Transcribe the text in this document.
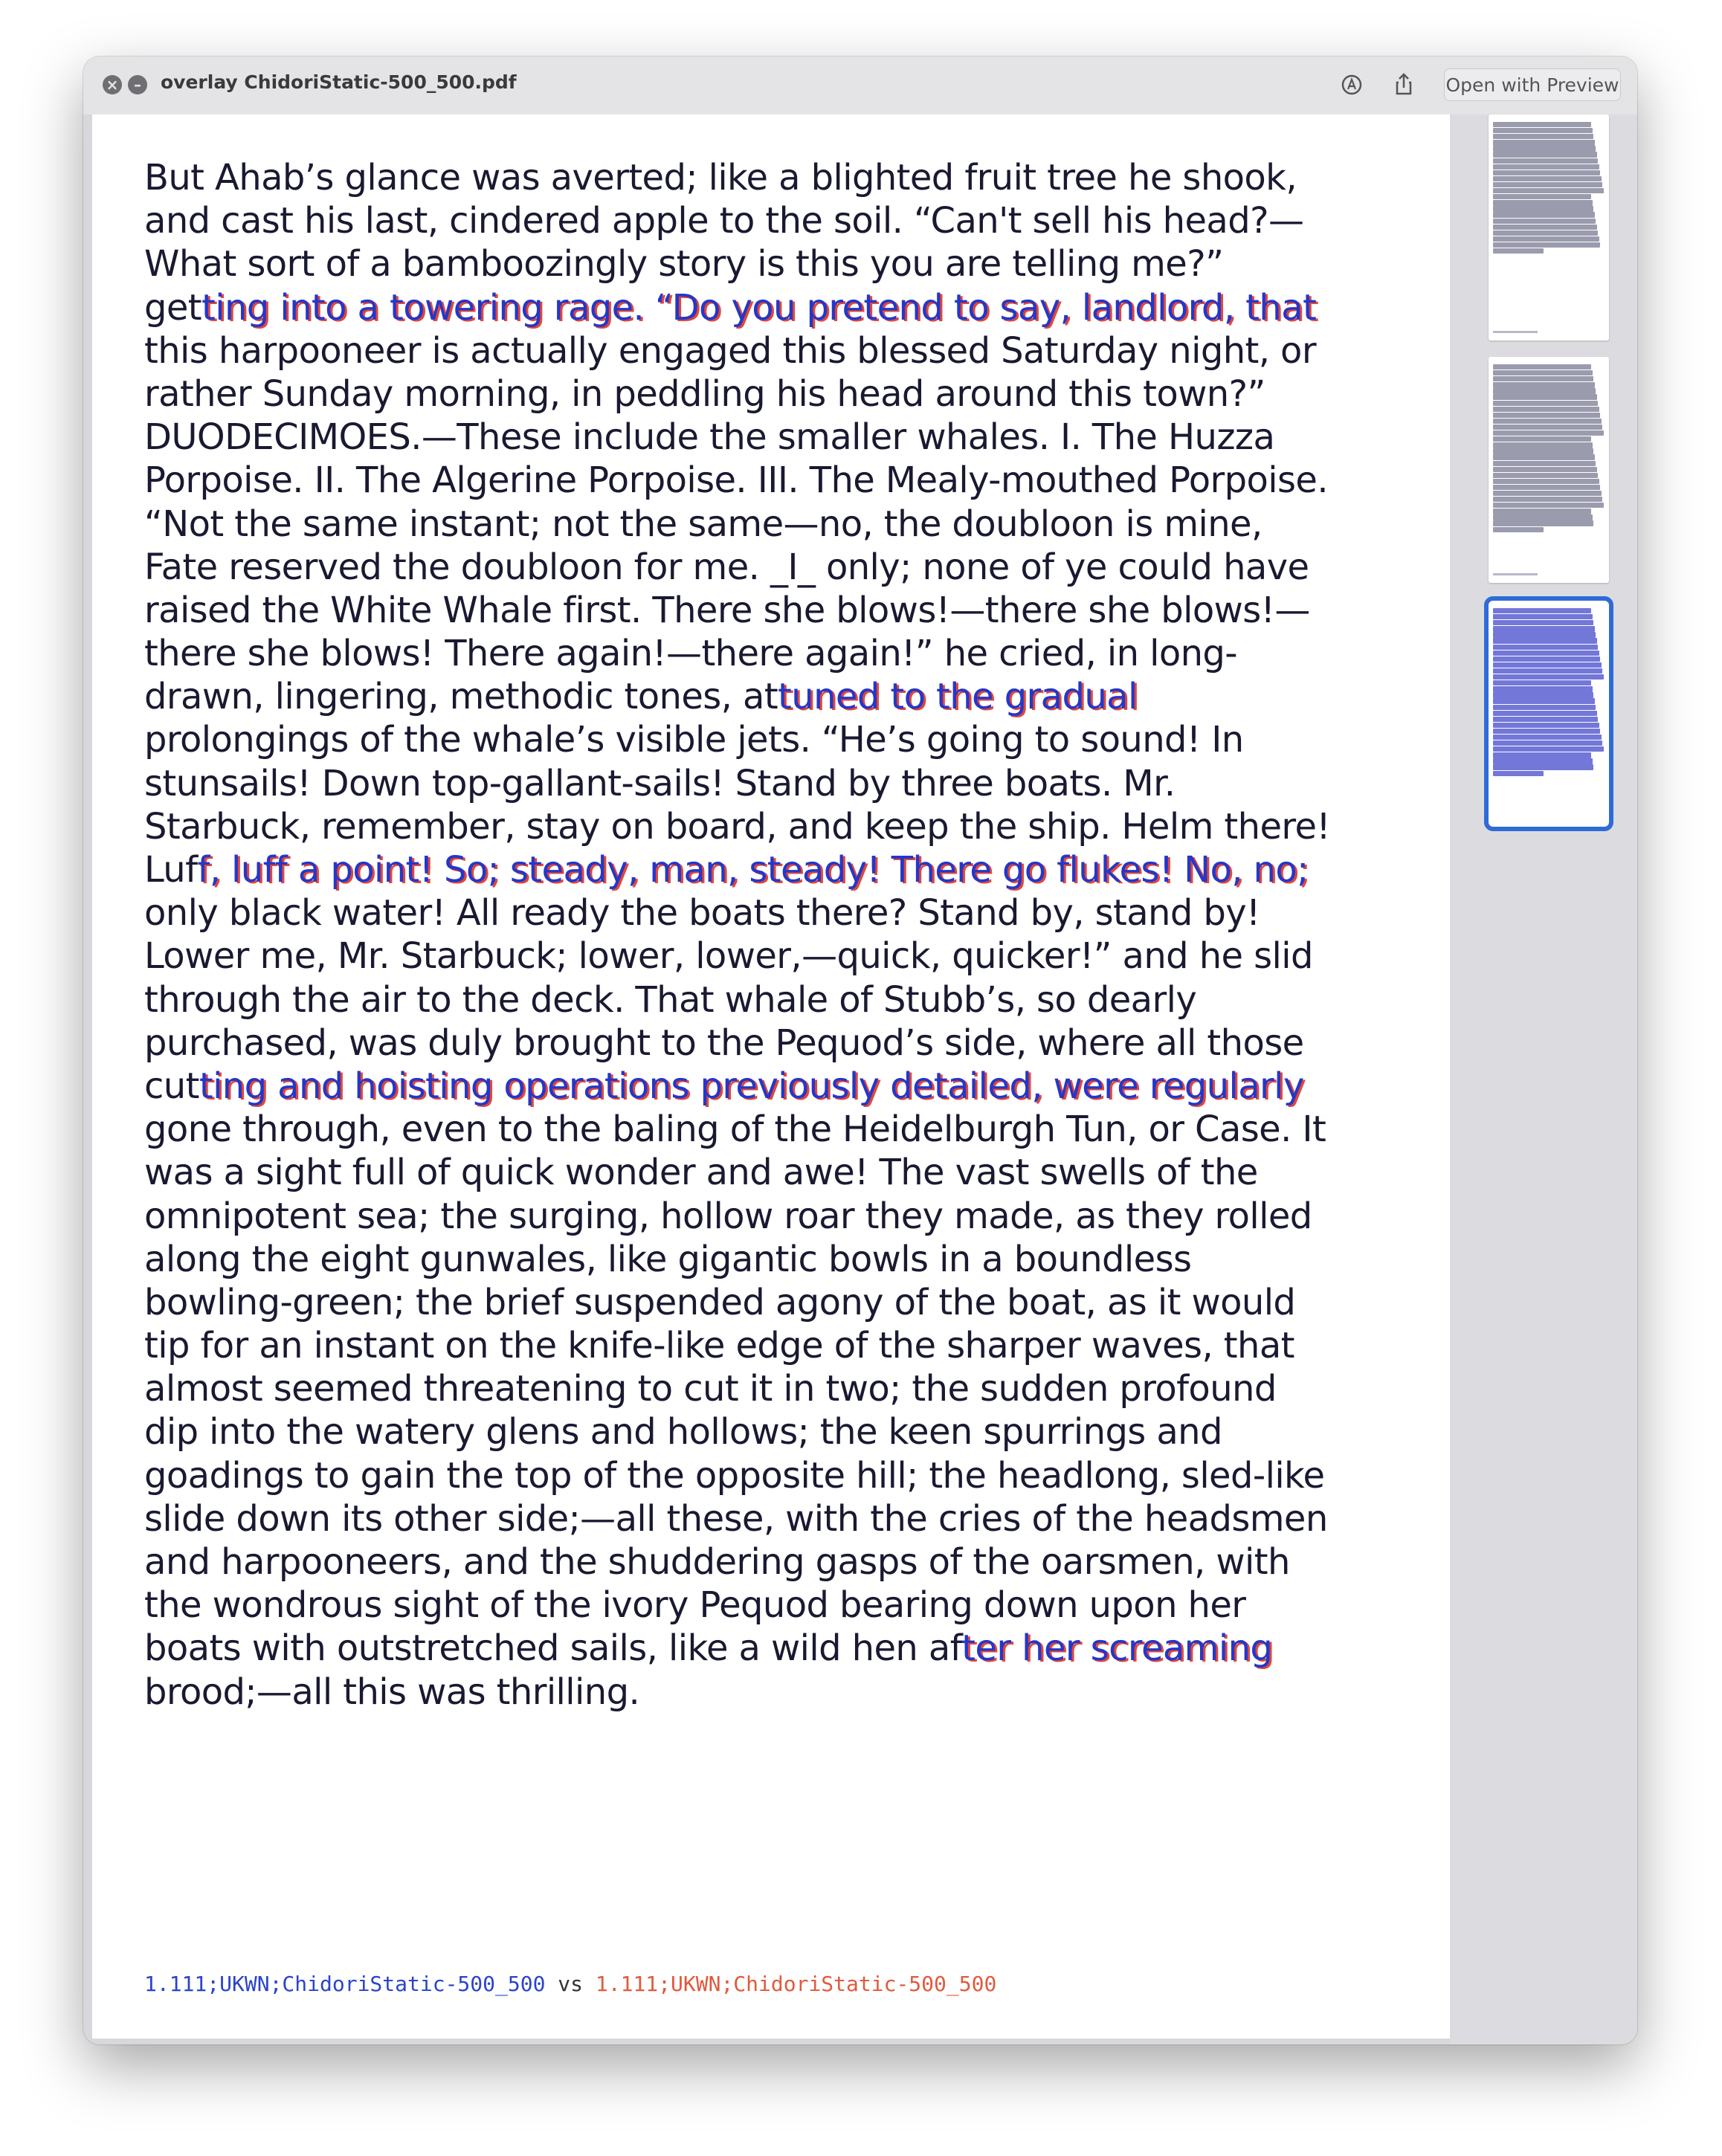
×	–	overlay ChidoriStatic-500_500.pdf	Open with Preview
But Ahab’s glance was averted; like a blighted fruit tree he shook,
and cast his last, cindered apple to the soil. “Can't sell his head?—
What sort of a bamboozingly story is this you are telling me?”
getting into a towering rage. “Do you pretend to say, landlord, that
this harpooneer is actually engaged this blessed Saturday night, or
rather Sunday morning, in peddling his head around this town?”
DUODECIMOES.—These include the smaller whales. I. The Huzza
Porpoise. II. The Algerine Porpoise. III. The Mealy-mouthed Porpoise.
“Not the same instant; not the same—no, the doubloon is mine,
Fate reserved the doubloon for me. _I_ only; none of ye could have
raised the White Whale first. There she blows!—there she blows!—
there she blows! There again!—there again!” he cried, in long-
drawn, lingering, methodic tones, attuned to the gradual
prolongings of the whale’s visible jets. “He’s going to sound! In
stunsails! Down top-gallant-sails! Stand by three boats. Mr.
Starbuck, remember, stay on board, and keep the ship. Helm there!
Luff, luff a point! So; steady, man, steady! There go flukes! No, no;
only black water! All ready the boats there? Stand by, stand by!
Lower me, Mr. Starbuck; lower, lower,—quick, quicker!” and he slid
through the air to the deck. That whale of Stubb’s, so dearly
purchased, was duly brought to the Pequod’s side, where all those
cutting and hoisting operations previously detailed, were regularly
gone through, even to the baling of the Heidelburgh Tun, or Case. It
was a sight full of quick wonder and awe! The vast swells of the
omnipotent sea; the surging, hollow roar they made, as they rolled
along the eight gunwales, like gigantic bowls in a boundless
bowling-green; the brief suspended agony of the boat, as it would
tip for an instant on the knife-like edge of the sharper waves, that
almost seemed threatening to cut it in two; the sudden profound
dip into the watery glens and hollows; the keen spurrings and
goadings to gain the top of the opposite hill; the headlong, sled-like
slide down its other side;—all these, with the cries of the headsmen
and harpooneers, and the shuddering gasps of the oarsmen, with
the wondrous sight of the ivory Pequod bearing down upon her
boats with outstretched sails, like a wild hen after her screaming
brood;—all this was thrilling.
1.111;UKWN;ChidoriStatic-500_500 vs 1.111;UKWN;ChidoriStatic-500_500
